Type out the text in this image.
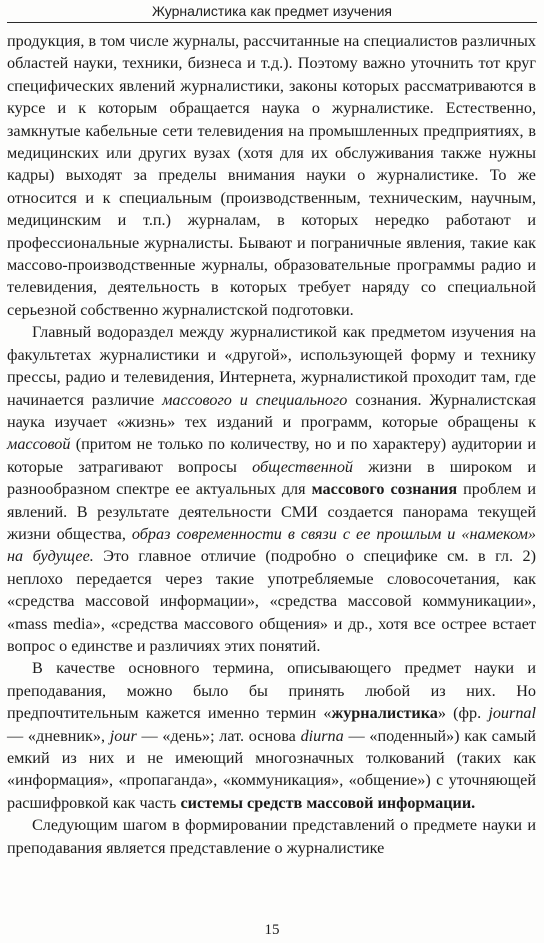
Журналистика как предмет изучения

продукция, в том числе журналы, рассчитанные на специалистов различных областей науки, техники, бизнеса и т.д.). Поэтому важно уточнить тот круг специфических явлений журналистики, законы которых рассматриваются в курсе и к которым обращается наука о журналистике. Естественно, замкнутые кабельные сети телевидения на промышленных предприятиях, в медицинских или других вузах (хотя для их обслуживания также нужны кадры) выходят за пределы внимания науки о журналистике. То же относится и к специальным (производственным, техническим, научным, медицинским и т.п.) журналам, в которых нередко работают и профессиональные журналисты. Бывают и пограничные явления, такие как массово-производственные журналы, образовательные программы радио и телевидения, деятельность в которых требует наряду со специальной серьезной собственно журналистской подготовки.

Главный водораздел между журналистикой как предметом изучения на факультетах журналистики и «другой», использующей форму и технику прессы, радио и телевидения, Интернета, журналистикой проходит там, где начинается различие массового и специального сознания. Журналистская наука изучает «жизнь» тех изданий и программ, которые обращены к массовой (притом не только по количеству, но и по характеру) аудитории и которые затрагивают вопросы общественной жизни в широком и разнообразном спектре ее актуальных для массового сознания проблем и явлений. В результате деятельности СМИ создается панорама текущей жизни общества, образ современности в связи с ее прошлым и «намеком» на будущее. Это главное отличие (подробно о специфике см. в гл. 2) неплохо передается через такие употребляемые словосочетания, как «средства массовой информации», «средства массовой коммуникации», «mass media», «средства массового общения» и др., хотя все острее встает вопрос о единстве и различиях этих понятий.

В качестве основного термина, описывающего предмет науки и преподавания, можно было бы принять любой из них. Но предпочтительным кажется именно термин «журналистика» (фр. journal — «дневник», jour — «день»; лат. основа diurna — «поденный») как самый емкий из них и не имеющий многозначных толкований (таких как «информация», «пропаганда», «коммуникация», «общение») с уточняющей расшифровкой как часть системы средств массовой информации.

Следующим шагом в формировании представлений о предмете науки и преподавания является представление о журналистике

15
